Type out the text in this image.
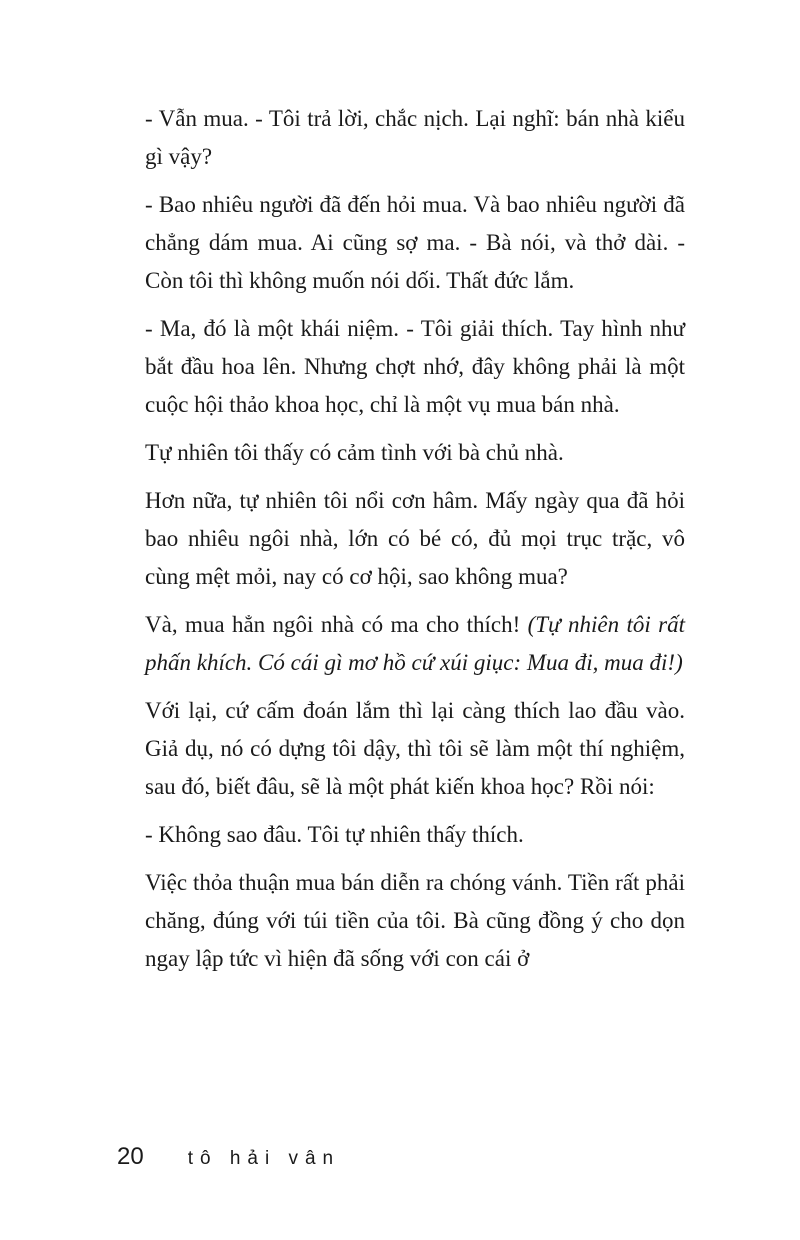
- Vẫn mua. - Tôi trả lời, chắc nịch. Lại nghĩ: bán nhà kiểu gì vậy?

- Bao nhiêu người đã đến hỏi mua. Và bao nhiêu người đã chẳng dám mua. Ai cũng sợ ma. - Bà nói, và thở dài. - Còn tôi thì không muốn nói dối. Thất đức lắm.

- Ma, đó là một khái niệm. - Tôi giải thích. Tay hình như bắt đầu hoa lên. Nhưng chợt nhớ, đây không phải là một cuộc hội thảo khoa học, chỉ là một vụ mua bán nhà.

Tự nhiên tôi thấy có cảm tình với bà chủ nhà.

Hơn nữa, tự nhiên tôi nổi cơn hâm. Mấy ngày qua đã hỏi bao nhiêu ngôi nhà, lớn có bé có, đủ mọi trục trặc, vô cùng mệt mỏi, nay có cơ hội, sao không mua?

Và, mua hẳn ngôi nhà có ma cho thích! (Tự nhiên tôi rất phấn khích. Có cái gì mơ hồ cứ xúi giục: Mua đi, mua đi!)

Với lại, cứ cấm đoán lắm thì lại càng thích lao đầu vào. Giả dụ, nó có dựng tôi dậy, thì tôi sẽ làm một thí nghiệm, sau đó, biết đâu, sẽ là một phát kiến khoa học? Rồi nói:

- Không sao đâu. Tôi tự nhiên thấy thích.

Việc thỏa thuận mua bán diễn ra chóng vánh. Tiền rất phải chăng, đúng với túi tiền của tôi. Bà cũng đồng ý cho dọn ngay lập tức vì hiện đã sống với con cái ở

20 tô hải vân
